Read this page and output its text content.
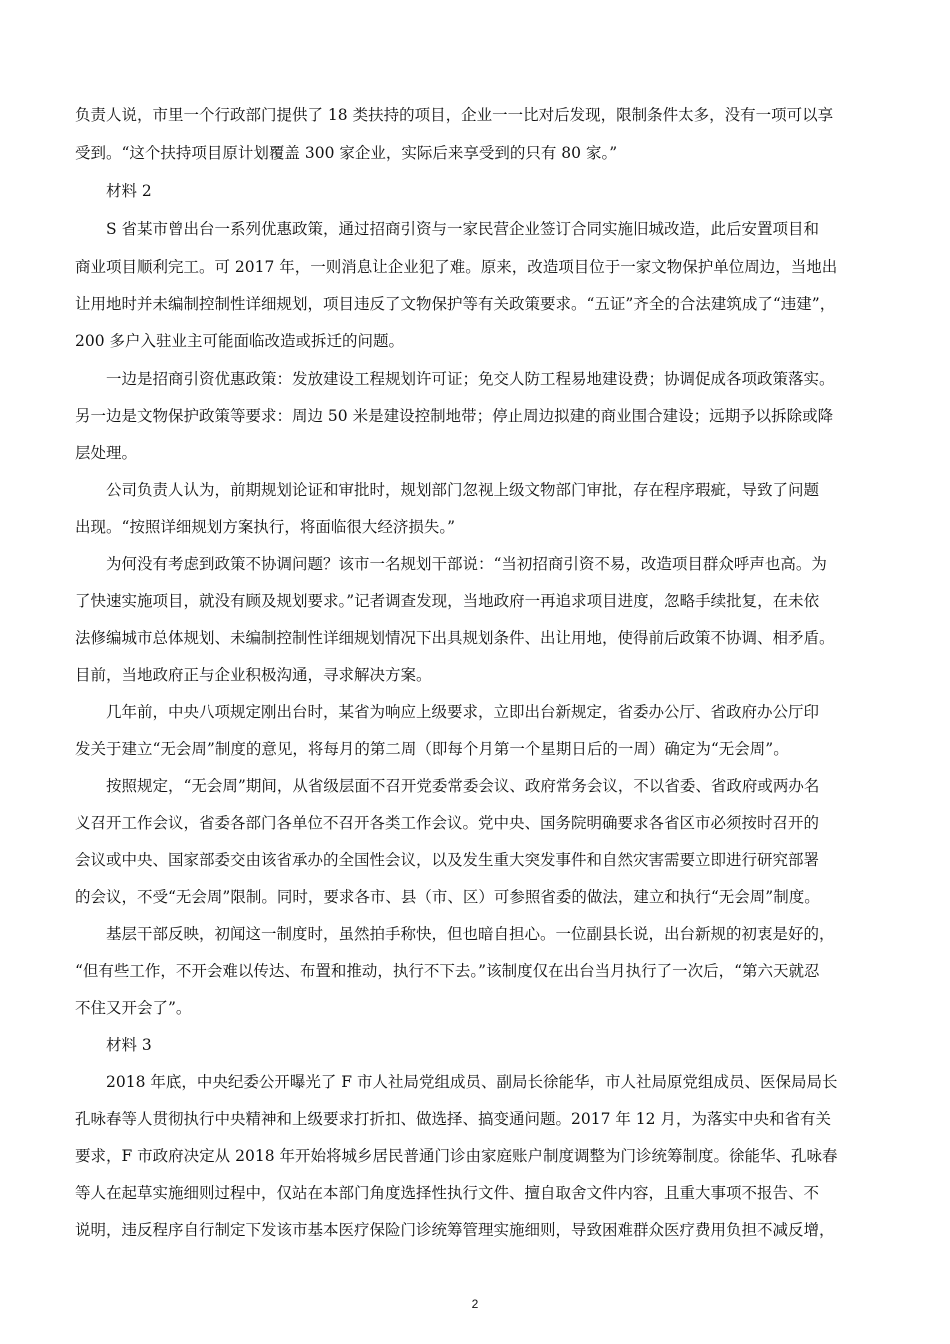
负责人说，市里一个行政部门提供了 18 类扶持的项目，企业一一比对后发现，限制条件太多，没有一项可以享
受到。“这个扶持项目原计划覆盖 300 家企业，实际后来享受到的只有 80 家。”
材料 2
S 省某市曾出台一系列优惠政策，通过招商引资与一家民营企业签订合同实施旧城改造，此后安置项目和
商业项目顺利完工。可 2017 年，一则消息让企业犯了难。原来，改造项目位于一家文物保护单位周边，当地出
让用地时并未编制控制性详细规划，项目违反了文物保护等有关政策要求。“五证”齐全的合法建筑成了“违建”，
200 多户入驻业主可能面临改造或拆迁的问题。
一边是招商引资优惠政策：发放建设工程规划许可证；免交人防工程易地建设费；协调促成各项政策落实。
另一边是文物保护政策等要求：周边 50 米是建设控制地带；停止周边拟建的商业围合建设；远期予以拆除或降
层处理。
公司负责人认为，前期规划论证和审批时，规划部门忽视上级文物部门审批，存在程序瑕疵，导致了问题
出现。“按照详细规划方案执行，将面临很大经济损失。”
为何没有考虑到政策不协调问题？该市一名规划干部说：“当初招商引资不易，改造项目群众呼声也高。为
了快速实施项目，就没有顾及规划要求。”记者调查发现，当地政府一再追求项目进度，忽略手续批复，在未依
法修编城市总体规划、未编制控制性详细规划情况下出具规划条件、出让用地，使得前后政策不协调、相矛盾。
目前，当地政府正与企业积极沟通，寻求解决方案。
几年前，中央八项规定刚出台时，某省为响应上级要求，立即出台新规定，省委办公厅、省政府办公厅印
发关于建立“无会周”制度的意见，将每月的第二周（即每个月第一个星期日后的一周）确定为“无会周”。
按照规定，“无会周”期间，从省级层面不召开党委常委会议、政府常务会议，不以省委、省政府或两办名
义召开工作会议，省委各部门各单位不召开各类工作会议。党中央、国务院明确要求各省区市必须按时召开的
会议或中央、国家部委交由该省承办的全国性会议，以及发生重大突发事件和自然灾害需要立即进行研究部署
的会议，不受“无会周”限制。同时，要求各市、县（市、区）可参照省委的做法，建立和执行“无会周”制度。
基层干部反映，初闻这一制度时，虽然拍手称快，但也暗自担心。一位副县长说，出台新规的初衷是好的，
“但有些工作，不开会难以传达、布置和推动，执行不下去。”该制度仅在出台当月执行了一次后，“第六天就忍
不住又开会了”。
材料 3
2018 年底，中央纪委公开曝光了 F 市人社局党组成员、副局长徐能华，市人社局原党组成员、医保局局长
孔咏春等人贯彻执行中央精神和上级要求打折扣、做选择、搞变通问题。2017 年 12 月，为落实中央和省有关
要求，F 市政府决定从 2018 年开始将城乡居民普通门诊由家庭账户制度调整为门诊统筹制度。徐能华、孔咏春
等人在起草实施细则过程中，仅站在本部门角度选择性执行文件、擅自取舍文件内容，且重大事项不报告、不
说明，违反程序自行制定下发该市基本医疗保险门诊统筹管理实施细则，导致困难群众医疗费用负担不减反增，
2
